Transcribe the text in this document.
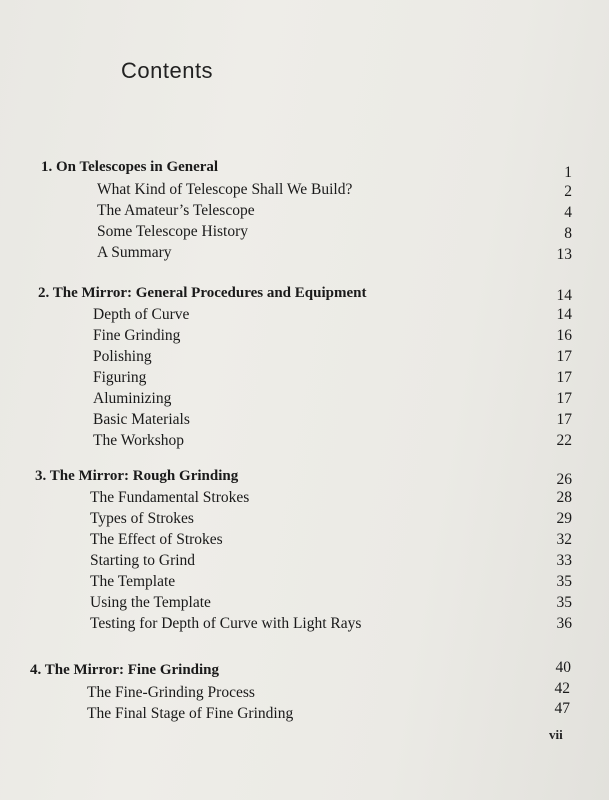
Contents
1. On Telescopes in General	1
What Kind of Telescope Shall We Build?	2
The Amateur’s Telescope	4
Some Telescope History	8
A Summary	13
2. The Mirror: General Procedures and Equipment	14
Depth of Curve	14
Fine Grinding	16
Polishing	17
Figuring	17
Aluminizing	17
Basic Materials	17
The Workshop	22
3. The Mirror: Rough Grinding	26
The Fundamental Strokes	28
Types of Strokes	29
The Effect of Strokes	32
Starting to Grind	33
The Template	35
Using the Template	35
Testing for Depth of Curve with Light Rays	36
4. The Mirror: Fine Grinding	40
The Fine-Grinding Process	42
The Final Stage of Fine Grinding	47
vii
